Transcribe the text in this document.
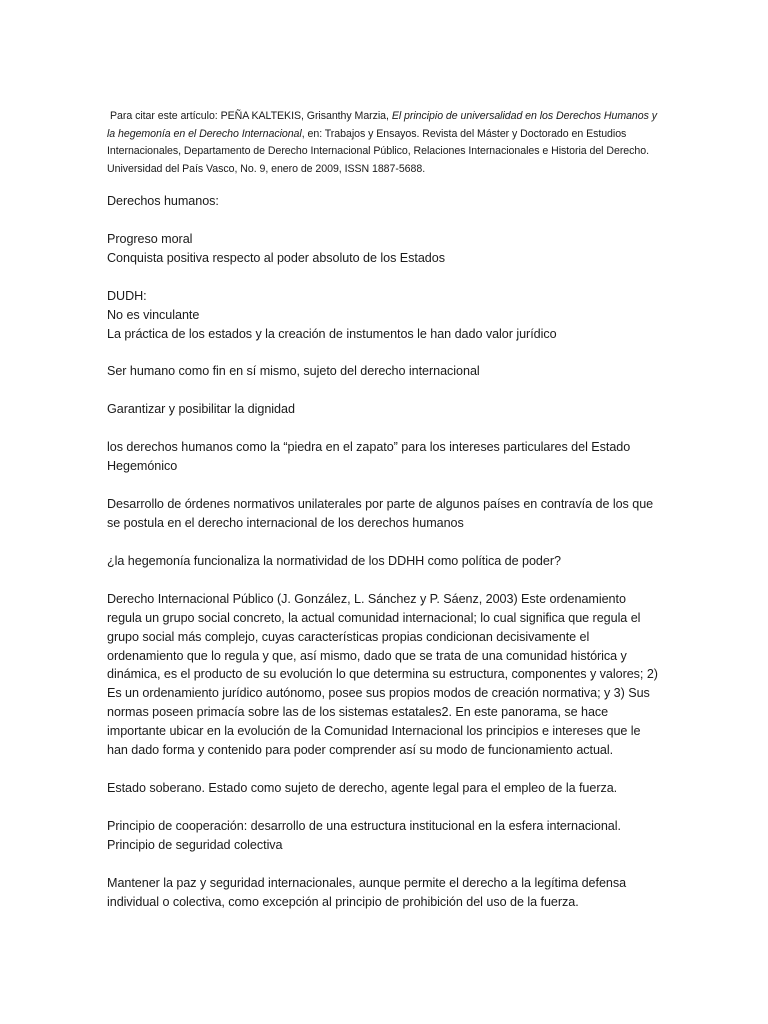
Para citar este artículo: PEÑA KALTEKIS, Grisanthy Marzia, El principio de universalidad en los Derechos Humanos y la hegemonía en el Derecho Internacional, en: Trabajos y Ensayos. Revista del Máster y Doctorado en Estudios Internacionales, Departamento de Derecho Internacional Público, Relaciones Internacionales e Historia del Derecho. Universidad del País Vasco, No. 9, enero de 2009, ISSN 1887-5688.

Derechos humanos:

Progreso moral
Conquista positiva respecto al poder absoluto de los Estados

DUDH:
No es vinculante
La práctica de los estados y la creación de instumentos le han dado valor jurídico

Ser humano como fin en sí mismo, sujeto del derecho internacional

Garantizar y posibilitar la dignidad

los derechos humanos como la “piedra en el zapato” para los intereses particulares del Estado Hegemónico

Desarrollo de órdenes normativos unilaterales por parte de algunos países en contravía de los que se postula en el derecho internacional de los derechos humanos

¿la hegemonía funcionaliza la normatividad de los DDHH como política de poder?

Derecho Internacional Público (J. González, L. Sánchez y P. Sáenz, 2003) Este ordenamiento regula un grupo social concreto, la actual comunidad internacional; lo cual significa que regula el grupo social más complejo, cuyas características propias condicionan decisivamente el ordenamiento que lo regula y que, así mismo, dado que se trata de una comunidad histórica y dinámica, es el producto de su evolución lo que determina su estructura, componentes y valores; 2) Es un ordenamiento jurídico autónomo, posee sus propios modos de creación normativa; y 3) Sus normas poseen primacía sobre las de los sistemas estatales2. En este panorama, se hace importante ubicar en la evolución de la Comunidad Internacional los principios e intereses que le han dado forma y contenido para poder comprender así su modo de funcionamiento actual.

Estado soberano. Estado como sujeto de derecho, agente legal para el empleo de la fuerza.

Principio de cooperación: desarrollo de una estructura institucional en la esfera internacional.
Principio de seguridad colectiva

Mantener la paz y seguridad internacionales, aunque permite el derecho a la legítima defensa individual o colectiva, como excepción al principio de prohibición del uso de la fuerza.
